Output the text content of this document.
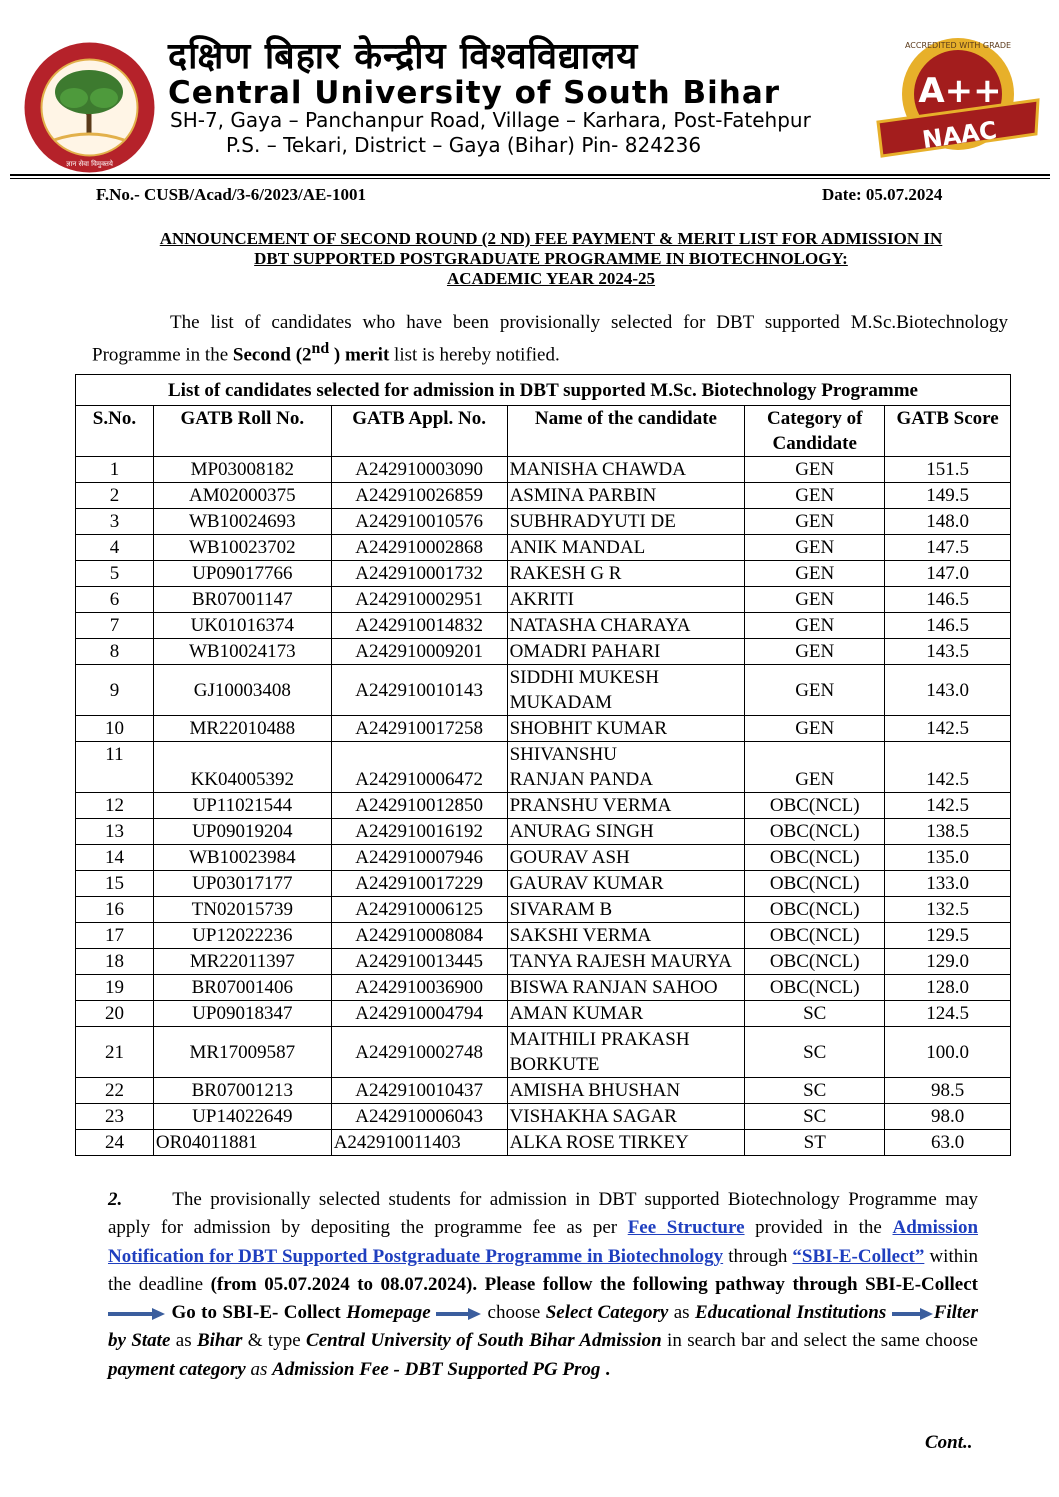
ज्ञान सेवा विमुक्तये
दक्षिण बिहार केन्द्रीय विश्वविद्यालय
Central University of South Bihar
SH-7, Gaya – Panchanpur Road, Village – Karhara, Post-Fatehpur
P.S. – Tekari, District – Gaya (Bihar) Pin- 824236
A++
NAAC
ACCREDITED WITH GRADE
F.No.- CUSB/Acad/3-6/2023/AE-1001	Date: 05.07.2024
ANNOUNCEMENT OF SECOND ROUND (2 ND) FEE PAYMENT & MERIT LIST FOR ADMISSION IN
DBT SUPPORTED POSTGRADUATE PROGRAMME IN BIOTECHNOLOGY:
ACADEMIC YEAR 2024-25
The list of candidates who have been provisionally selected for DBT supported M.Sc.Biotechnology Programme in the Second (2nd ) merit list is hereby notified.
List of candidates selected for admission in DBT supported M.Sc. Biotechnology Programme					
S.No.	GATB Roll No.	GATB Appl. No.	Name of the candidate	Category of Candidate	GATB Score
1	MP03008182	A242910003090	MANISHA CHAWDA	GEN	151.5
2	AM02000375	A242910026859	ASMINA PARBIN	GEN	149.5
3	WB10024693	A242910010576	SUBHRADYUTI DE	GEN	148.0
4	WB10023702	A242910002868	ANIK MANDAL	GEN	147.5
5	UP09017766	A242910001732	RAKESH G R	GEN	147.0
6	BR07001147	A242910002951	AKRITI	GEN	146.5
7	UK01016374	A242910014832	NATASHA CHARAYA	GEN	146.5
8	WB10024173	A242910009201	OMADRI PAHARI	GEN	143.5
9	GJ10003408	A242910010143	SIDDHI MUKESH MUKADAM	GEN	143.0
10	MR22010488	A242910017258	SHOBHIT KUMAR	GEN	142.5
11	KK04005392	A242910006472	SHIVANSHU RANJAN PANDA	GEN	142.5
12	UP11021544	A242910012850	PRANSHU VERMA	OBC(NCL)	142.5
13	UP09019204	A242910016192	ANURAG SINGH	OBC(NCL)	138.5
14	WB10023984	A242910007946	GOURAV ASH	OBC(NCL)	135.0
15	UP03017177	A242910017229	GAURAV KUMAR	OBC(NCL)	133.0
16	TN02015739	A242910006125	SIVARAM B	OBC(NCL)	132.5
17	UP12022236	A242910008084	SAKSHI VERMA	OBC(NCL)	129.5
18	MR22011397	A242910013445	TANYA RAJESH MAURYA	OBC(NCL)	129.0
19	BR07001406	A242910036900	BISWA RANJAN SAHOO	OBC(NCL)	128.0
20	UP09018347	A242910004794	AMAN KUMAR	SC	124.5
21	MR17009587	A242910002748	MAITHILI PRAKASH BORKUTE	SC	100.0
22	BR07001213	A242910010437	AMISHA BHUSHAN	SC	98.5
23	UP14022649	A242910006043	VISHAKHA SAGAR	SC	98.0
24	OR04011881	A242910011403	ALKA ROSE TIRKEY	ST	63.0
2.	The provisionally selected students for admission in DBT supported Biotechnology Programme may apply for admission by depositing the programme fee as per Fee Structure provided in the Admission Notification for DBT Supported Postgraduate Programme in Biotechnology through “SBI-E-Collect” within the deadline (from 05.07.2024 to 08.07.2024). Please follow the following pathway through SBI-E-Collect  Go to SBI-E- Collect Homepage	choose Select Category as Educational Institutions Filter by State as Bihar & type Central University of South Bihar Admission in search bar and select the same choose payment category as Admission Fee - DBT Supported PG Prog .
Cont..
